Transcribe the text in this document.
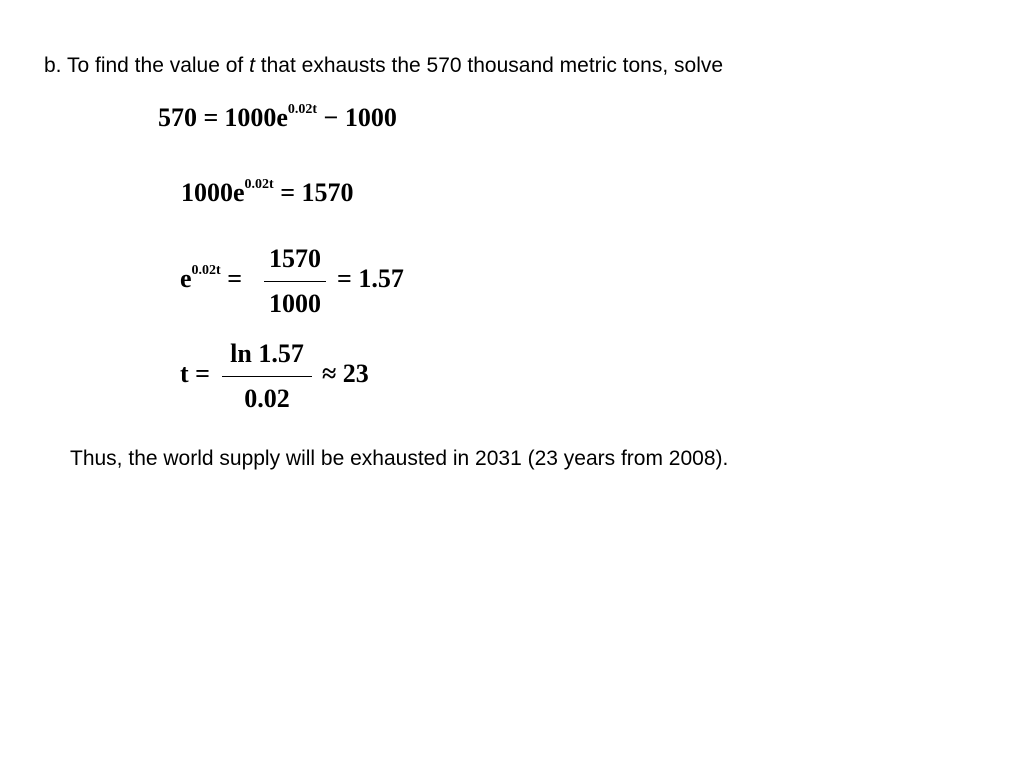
b. To find the value of t that exhausts the 570 thousand metric tons, solve
$570 = 1000e^{0.02t} - 1000$
$1000e^{0.02t} = 1570$
$e^{0.02t}$ =
1570
1000
= 1.57
t =
ln 1.57
0.02
≈ 23
Thus, the world supply will be exhausted in 2031 (23 years from 2008).
